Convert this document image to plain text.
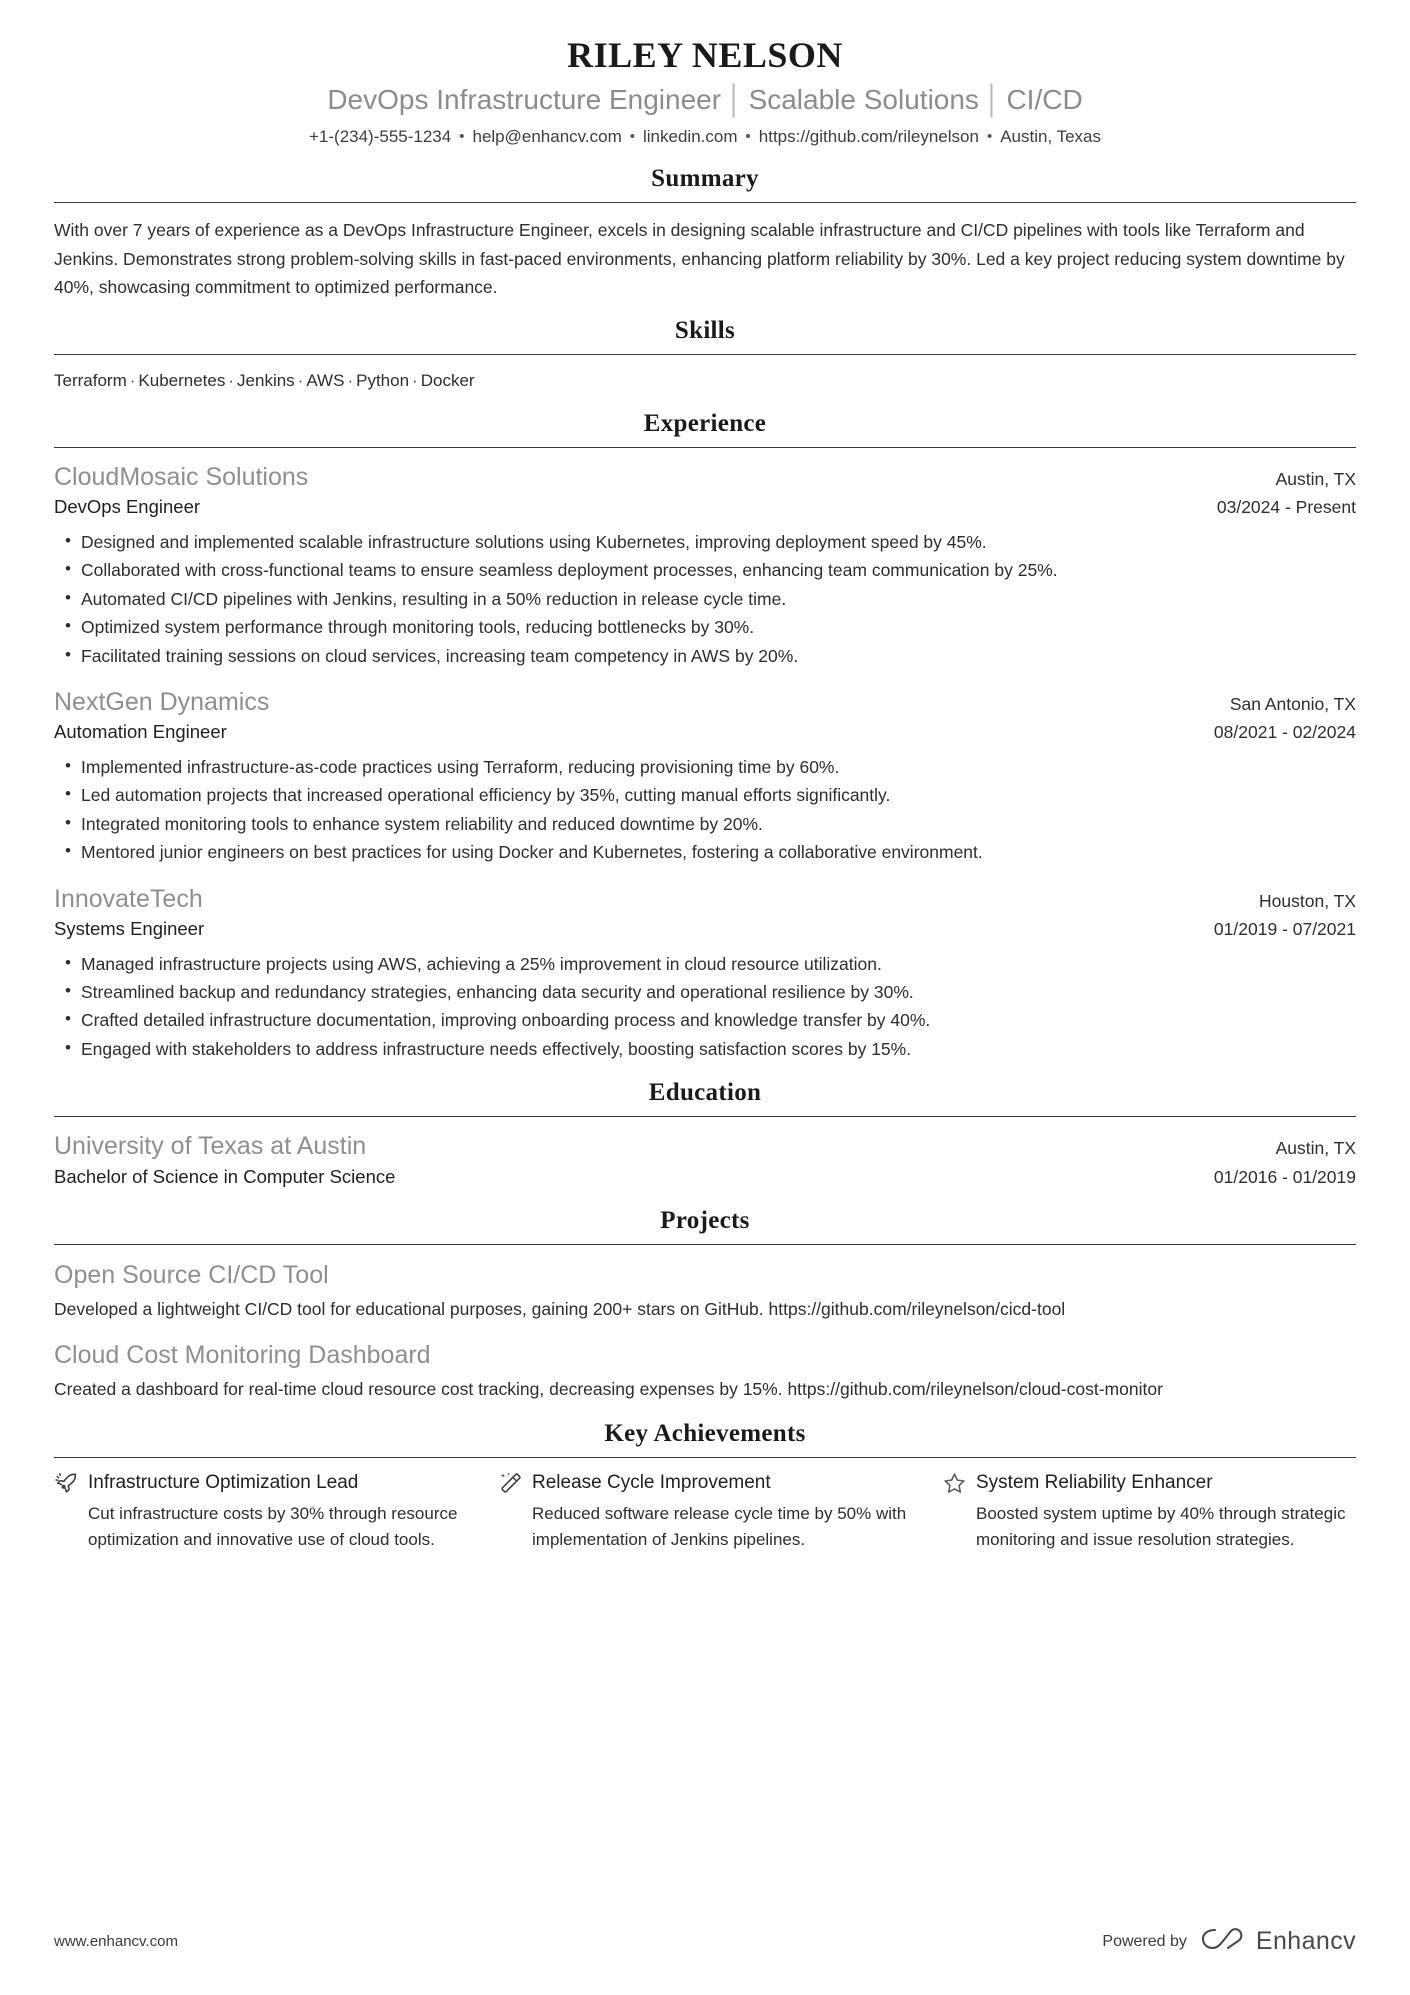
RILEY NELSON
DevOps Infrastructure Engineer │ Scalable Solutions │ CI/CD
+1-(234)-555-1234 • help@enhancv.com • linkedin.com • https://github.com/rileynelson • Austin, Texas
Summary
With over 7 years of experience as a DevOps Infrastructure Engineer, excels in designing scalable infrastructure and CI/CD pipelines with tools like Terraform and Jenkins. Demonstrates strong problem-solving skills in fast-paced environments, enhancing platform reliability by 30%. Led a key project reducing system downtime by 40%, showcasing commitment to optimized performance.
Skills
Terraform · Kubernetes · Jenkins · AWS · Python · Docker
Experience
CloudMosaic Solutions	Austin, TX
DevOps Engineer	03/2024 - Present
• Designed and implemented scalable infrastructure solutions using Kubernetes, improving deployment speed by 45%.
• Collaborated with cross-functional teams to ensure seamless deployment processes, enhancing team communication by 25%.
• Automated CI/CD pipelines with Jenkins, resulting in a 50% reduction in release cycle time.
• Optimized system performance through monitoring tools, reducing bottlenecks by 30%.
• Facilitated training sessions on cloud services, increasing team competency in AWS by 20%.
NextGen Dynamics	San Antonio, TX
Automation Engineer	08/2021 - 02/2024
• Implemented infrastructure-as-code practices using Terraform, reducing provisioning time by 60%.
• Led automation projects that increased operational efficiency by 35%, cutting manual efforts significantly.
• Integrated monitoring tools to enhance system reliability and reduced downtime by 20%.
• Mentored junior engineers on best practices for using Docker and Kubernetes, fostering a collaborative environment.
InnovateTech	Houston, TX
Systems Engineer	01/2019 - 07/2021
• Managed infrastructure projects using AWS, achieving a 25% improvement in cloud resource utilization.
• Streamlined backup and redundancy strategies, enhancing data security and operational resilience by 30%.
• Crafted detailed infrastructure documentation, improving onboarding process and knowledge transfer by 40%.
• Engaged with stakeholders to address infrastructure needs effectively, boosting satisfaction scores by 15%.
Education
University of Texas at Austin	Austin, TX
Bachelor of Science in Computer Science	01/2016 - 01/2019
Projects
Open Source CI/CD Tool
Developed a lightweight CI/CD tool for educational purposes, gaining 200+ stars on GitHub. https://github.com/rileynelson/cicd-tool
Cloud Cost Monitoring Dashboard
Created a dashboard for real-time cloud resource cost tracking, decreasing expenses by 15%. https://github.com/rileynelson/cloud-cost-monitor
Key Achievements
Infrastructure Optimization Lead
Cut infrastructure costs by 30% through resource optimization and innovative use of cloud tools.
Release Cycle Improvement
Reduced software release cycle time by 50% with implementation of Jenkins pipelines.
System Reliability Enhancer
Boosted system uptime by 40% through strategic monitoring and issue resolution strategies.
www.enhancv.com	Powered by	Enhancv
